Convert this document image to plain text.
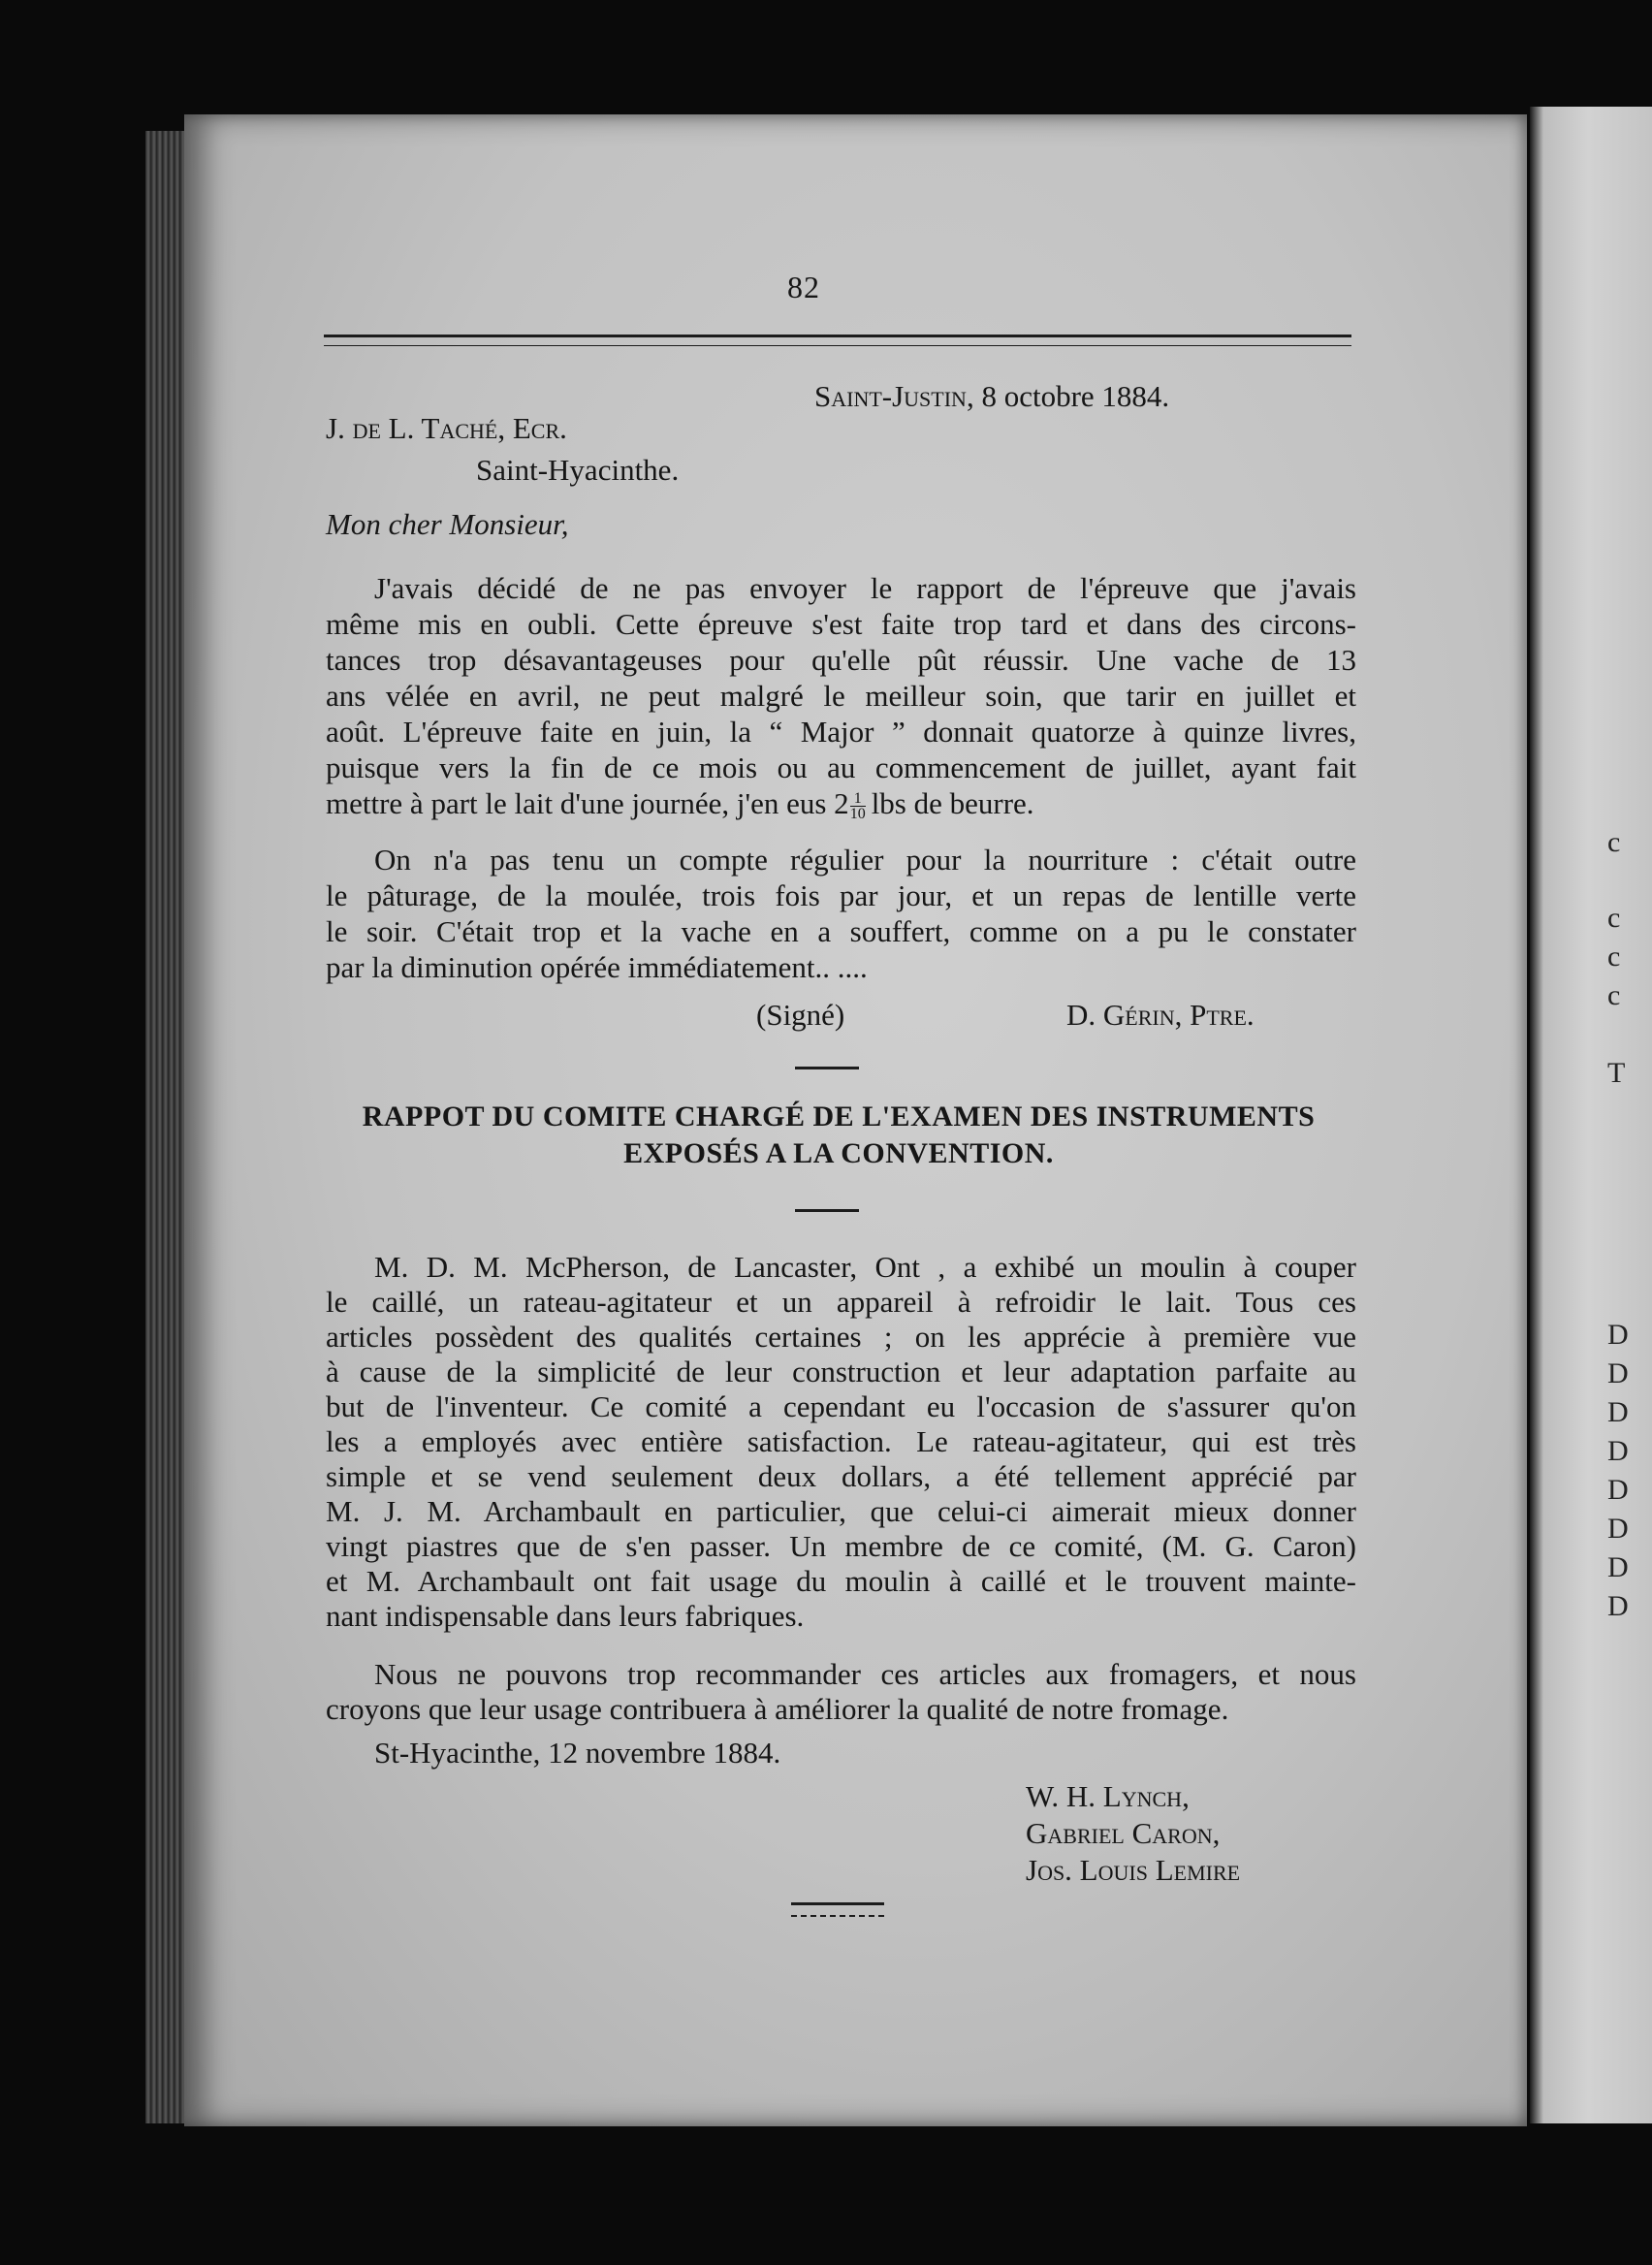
c
c
c
c
T
D
D
D
D
D
D
D
D
82
Saint-Justin, 8 octobre 1884.
J. de L. Taché, Ecr.
Saint-Hyacinthe.
Mon cher Monsieur,
J'avais décidé de ne pas envoyer le rapport de l'épreuve que j'avais
même mis en oubli. Cette épreuve s'est faite trop tard et dans des circons-
tances trop désavantageuses pour qu'elle pût réussir. Une vache de 13
ans vélée en avril, ne peut malgré le meilleur soin, que tarir en juillet et
août. L'épreuve faite en juin, la “ Major ” donnait quatorze à quinze livres,
puisque vers la fin de ce mois ou au commencement de juillet, ayant fait
mettre à part le lait d'une journée, j'en eus $2 \frac{1}{10}$ lbs de beurre.
On n'a pas tenu un compte régulier pour la nourriture : c'était outre
le pâturage, de la moulée, trois fois par jour, et un repas de lentille verte
le soir. C'était trop et la vache en a souffert, comme on a pu le constater
par la diminution opérée immédiatement.. ....
(Signé)	D. Gérin, Ptre.
RAPPOT DU COMITE CHARGÉ DE L'EXAMEN DES INSTRUMENTS
EXPOSÉS A LA CONVENTION.
M. D. M. McPherson, de Lancaster, Ont , a exhibé un moulin à couper
le caillé, un rateau-agitateur et un appareil à refroidir le lait. Tous ces
articles possèdent des qualités certaines ; on les apprécie à première vue
à cause de la simplicité de leur construction et leur adaptation parfaite au
but de l'inventeur. Ce comité a cependant eu l'occasion de s'assurer qu'on
les a employés avec entière satisfaction. Le rateau-agitateur, qui est très
simple et se vend seulement deux dollars, a été tellement apprécié par
M. J. M. Archambault en particulier, que celui-ci aimerait mieux donner
vingt piastres que de s'en passer. Un membre de ce comité, (M. G. Caron)
et M. Archambault ont fait usage du moulin à caillé et le trouvent mainte-
nant indispensable dans leurs fabriques.
Nous ne pouvons trop recommander ces articles aux fromagers, et nous
croyons que leur usage contribuera à améliorer la qualité de notre fromage.
St-Hyacinthe, 12 novembre 1884.
W. H. Lynch,
Gabriel Caron,
Jos. Louis Lemire
